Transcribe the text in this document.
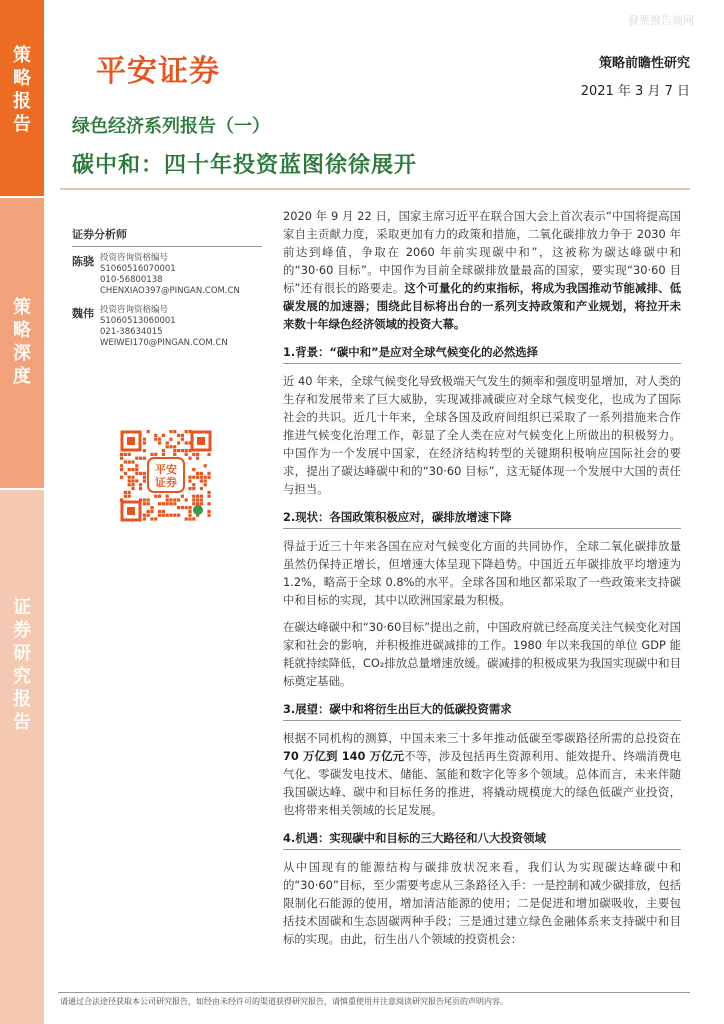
策
略
报
告
策
略
深
度
证
券
研
究
报
告
發票撥告商网
平安证券	策略前瞻性研究
2021 年 3 月 7 日
绿色经济系列报告（一）
碳中和：四十年投资蓝图徐徐展开
证券分析师
陈骁 投资咨询资格编号
S1060516070001
010-56800138
CHENXIAO397@PINGAN.COM.CN
魏伟 投资咨询资格编号
S1060513060001
021-38634015
WEIWEI170@PINGAN.COM.CN
平安
证券

2020 年 9 月 22 日，国家主席习近平在联合国大会上首次表示“中国将提高国家自主贡献力度，采取更加有力的政策和措施，二氧化碳排放力争于 2030 年前达到峰值，争取在 2060 年前实现碳中和”，这被称为碳达峰碳中和的“30·60 目标”。中国作为目前全球碳排放量最高的国家，要实现“30·60 目标”还有很长的路要走。这个可量化的约束指标，将成为我国推动节能减排、低碳发展的加速器；围绕此目标将出台的一系列支持政策和产业规划，将拉开未来数十年绿色经济领域的投资大幕。

1.背景：“碳中和”是应对全球气候变化的必然选择

近 40 年来，全球气候变化导致极端天气发生的频率和强度明显增加，对人类的生存和发展带来了巨大威胁，实现减排减碳应对全球气候变化，也成为了国际社会的共识。近几十年来，全球各国及政府间组织已采取了一系列措施来合作推进气候变化治理工作，彰显了全人类在应对气候变化上所做出的积极努力。中国作为一个发展中国家，在经济结构转型的关键期积极响应国际社会的要求，提出了碳达峰碳中和的“30·60 目标”，这无疑体现一个发展中大国的责任与担当。

2.现状：各国政策积极应对，碳排放增速下降

得益于近三十年来各国在应对气候变化方面的共同协作，全球二氧化碳排放量虽然仍保持正增长，但增速大体呈现下降趋势。中国近五年碳排放平均增速为 1.2%，略高于全球 0.8%的水平。全球各国和地区都采取了一些政策来支持碳中和目标的实现，其中以欧洲国家最为积极。

在碳达峰碳中和“30·60目标”提出之前，中国政府就已经高度关注气候变化对国家和社会的影响，并积极推进碳减排的工作。1980 年以来我国的单位 GDP 能耗就持续降低，CO₂排放总量增速放缓。碳减排的积极成果为我国实现碳中和目标奠定基础。

3.展望：碳中和将衍生出巨大的低碳投资需求

根据不同机构的测算，中国未来三十多年推动低碳至零碳路径所需的总投资在 70 万亿到 140 万亿元不等，涉及包括再生资源利用、能效提升、终端消费电气化、零碳发电技术、储能、氢能和数字化等多个领域。总体而言，未来伴随我国碳达峰、碳中和目标任务的推进，将撬动规模庞大的绿色低碳产业投资，也将带来相关领域的长足发展。

4.机遇：实现碳中和目标的三大路径和八大投资领域

从中国现有的能源结构与碳排放状况来看，我们认为实现碳达峰碳中和的“30·60”目标，至少需要考虑从三条路径入手：一是控制和减少碳排放，包括限制化石能源的使用，增加清洁能源的使用；二是促进和增加碳吸收，主要包括技术固碳和生态固碳两种手段；三是通过建立绿色金融体系来支持碳中和目标的实现。由此，衍生出八个领域的投资机会：

请通过合法途径获取本公司研究报告，如经由未经许可的渠道获得研究报告，请慎重使用并注意阅读研究报告尾页的声明内容。
